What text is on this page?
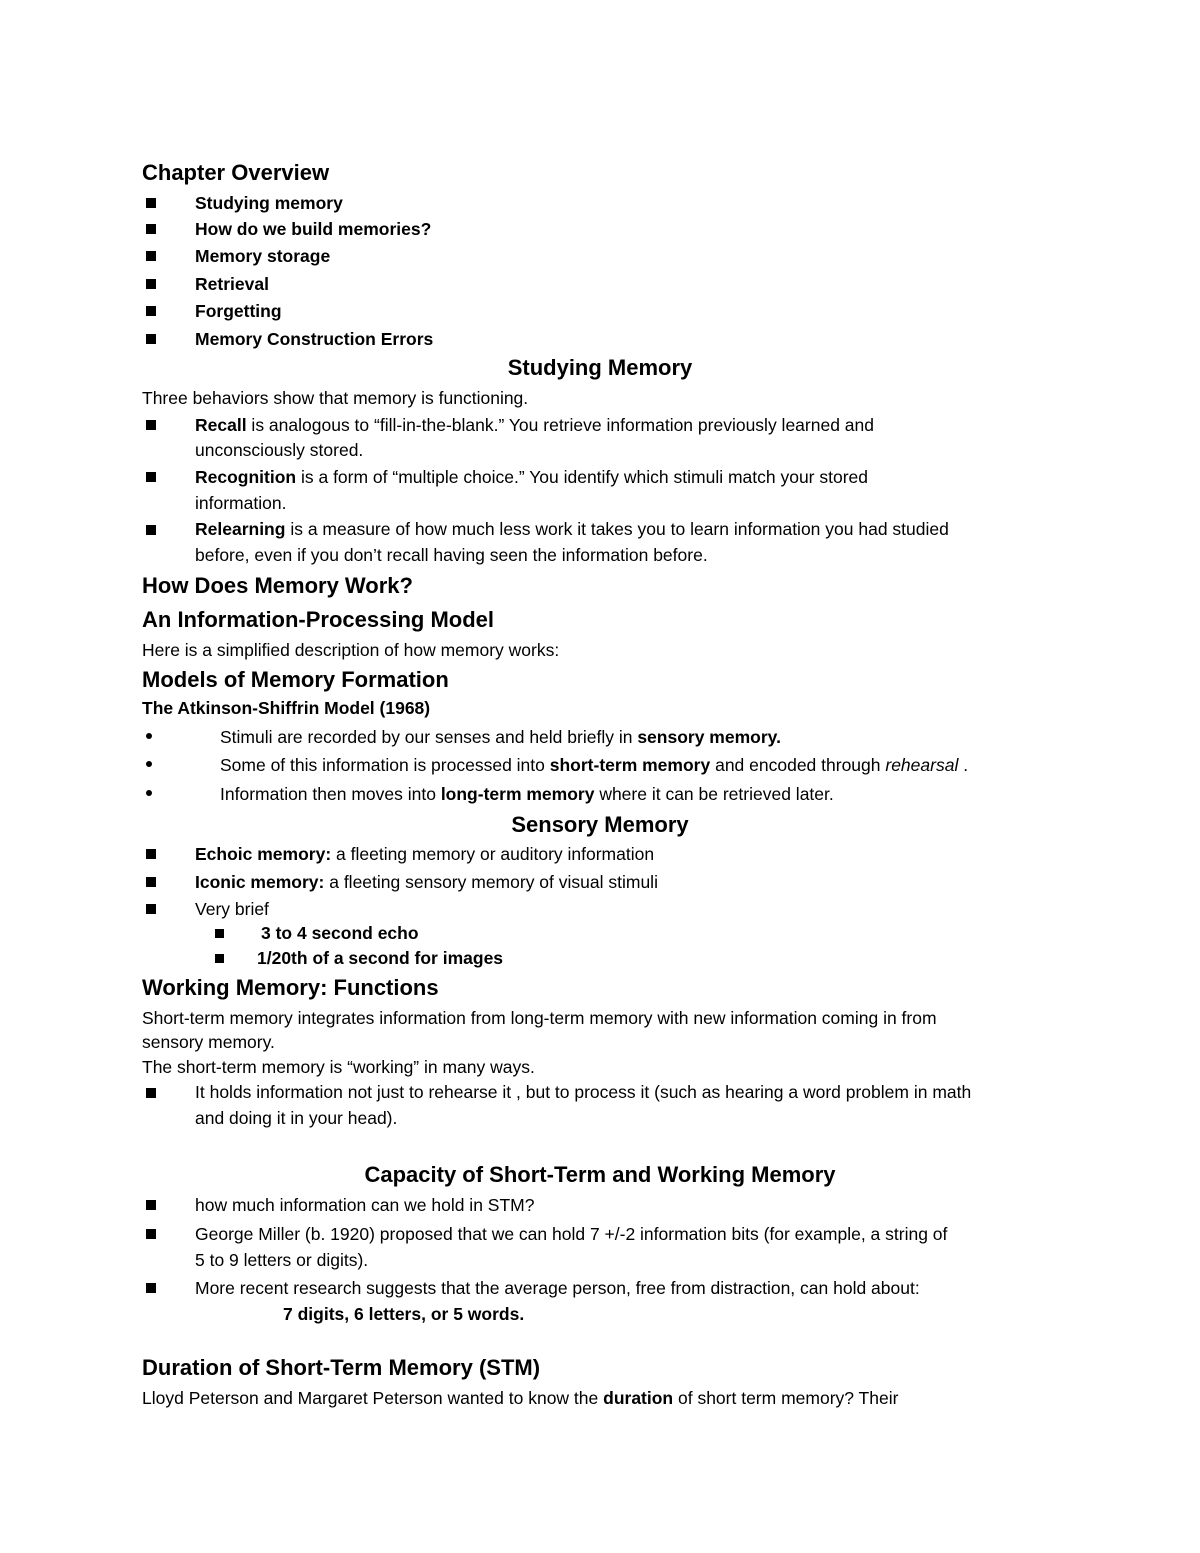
Chapter Overview
Studying memory
How do we build memories?
Memory storage
Retrieval
Forgetting
Memory Construction Errors
Studying Memory
Three behaviors show that memory is functioning.
Recall is analogous to “fill-in-the-blank.” You retrieve information previously learned and
unconsciously stored.
Recognition is a form of “multiple choice.” You identify which stimuli match your stored
information.
Relearning is a measure of how much less work it takes you to learn information you had studied
before, even if you don’t recall having seen the information before.
How Does Memory Work?
An Information-Processing Model
Here is a simplified description of how memory works:
Models of Memory Formation
The Atkinson-Shiffrin Model (1968)
Stimuli are recorded by our senses and held briefly in sensory memory.
Some of this information is processed into short-term memory and encoded through rehearsal .
Information then moves into long-term memory where it can be retrieved later.
Sensory Memory
Echoic memory: a fleeting memory or auditory information
Iconic memory: a fleeting sensory memory of visual stimuli
Very brief
3 to 4 second echo
1/20th of a second for images
Working Memory: Functions
Short-term memory integrates information from long-term memory with new information coming in from
sensory memory.
The short-term memory is “working” in many ways.
It holds information not just to rehearse it , but to process it (such as hearing a word problem in math
and doing it in your head).
Capacity of Short-Term and Working Memory
how much information can we hold in STM?
George Miller (b. 1920) proposed that we can hold 7 +/-2 information bits (for example, a string of
5 to 9 letters or digits).
More recent research suggests that the average person, free from distraction, can hold about:
7 digits, 6 letters, or 5 words.
Duration of Short-Term Memory (STM)
Lloyd Peterson and Margaret Peterson wanted to know the duration of short term memory? Their
